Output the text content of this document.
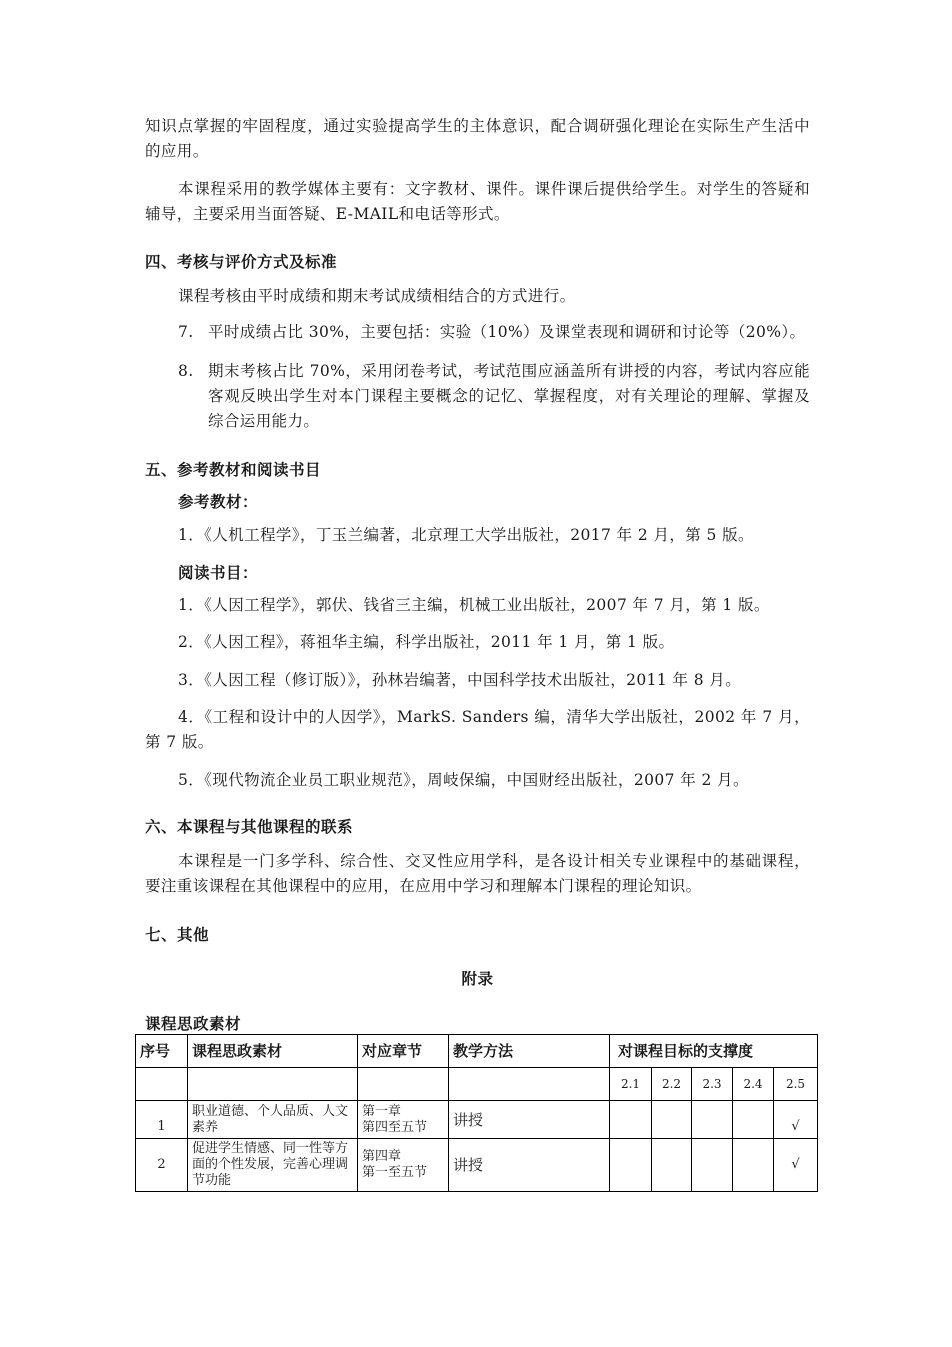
知识点掌握的牢固程度，通过实验提高学生的主体意识，配合调研强化理论在实际生产生活中的应用。

本课程采用的教学媒体主要有：文字教材、课件。课件课后提供给学生。对学生的答疑和辅导，主要采用当面答疑、E-MAIL和电话等形式。

四、考核与评价方式及标准

课程考核由平时成绩和期末考试成绩相结合的方式进行。

7. 平时成绩占比 30%，主要包括：实验（10%）及课堂表现和调研和讨论等（20%）。
8. 期末考核占比 70%，采用闭卷考试，考试范围应涵盖所有讲授的内容，考试内容应能客观反映出学生对本门课程主要概念的记忆、掌握程度，对有关理论的理解、掌握及综合运用能力。

五、参考教材和阅读书目

参考教材：

1．《人机工程学》，丁玉兰编著，北京理工大学出版社，2017 年 2 月，第 5 版。

阅读书目：

1．《人因工程学》，郭伏、钱省三主编，机械工业出版社，2007 年 7 月，第 1 版。

2．《人因工程》，蒋祖华主编，科学出版社，2011 年 1 月，第 1 版。

3．《人因工程（修订版）》，孙林岩编著，中国科学技术出版社，2011 年 8 月。

4．《工程和设计中的人因学》，MarkS. Sanders 编，清华大学出版社，2002 年 7 月，第 7 版。

5．《现代物流企业员工职业规范》，周岐保编，中国财经出版社，2007 年 2 月。

六、本课程与其他课程的联系

本课程是一门多学科、综合性、交叉性应用学科，是各设计相关专业课程中的基础课程，要注重该课程在其他课程中的应用，在应用中学习和理解本门课程的理论知识。

七、其他

附录

课程思政素材

序号	课程思政素材	对应章节	教学方法	对课程目标的支撑度				
				2.1	2.2	2.3	2.4	2.5
1	职业道德、个人品质、人文素养	第一章
第四至五节	讲授					√
2	促进学生情感、同一性等方面的个性发展，完善心理调节功能	第四章
第一至五节	讲授					√
